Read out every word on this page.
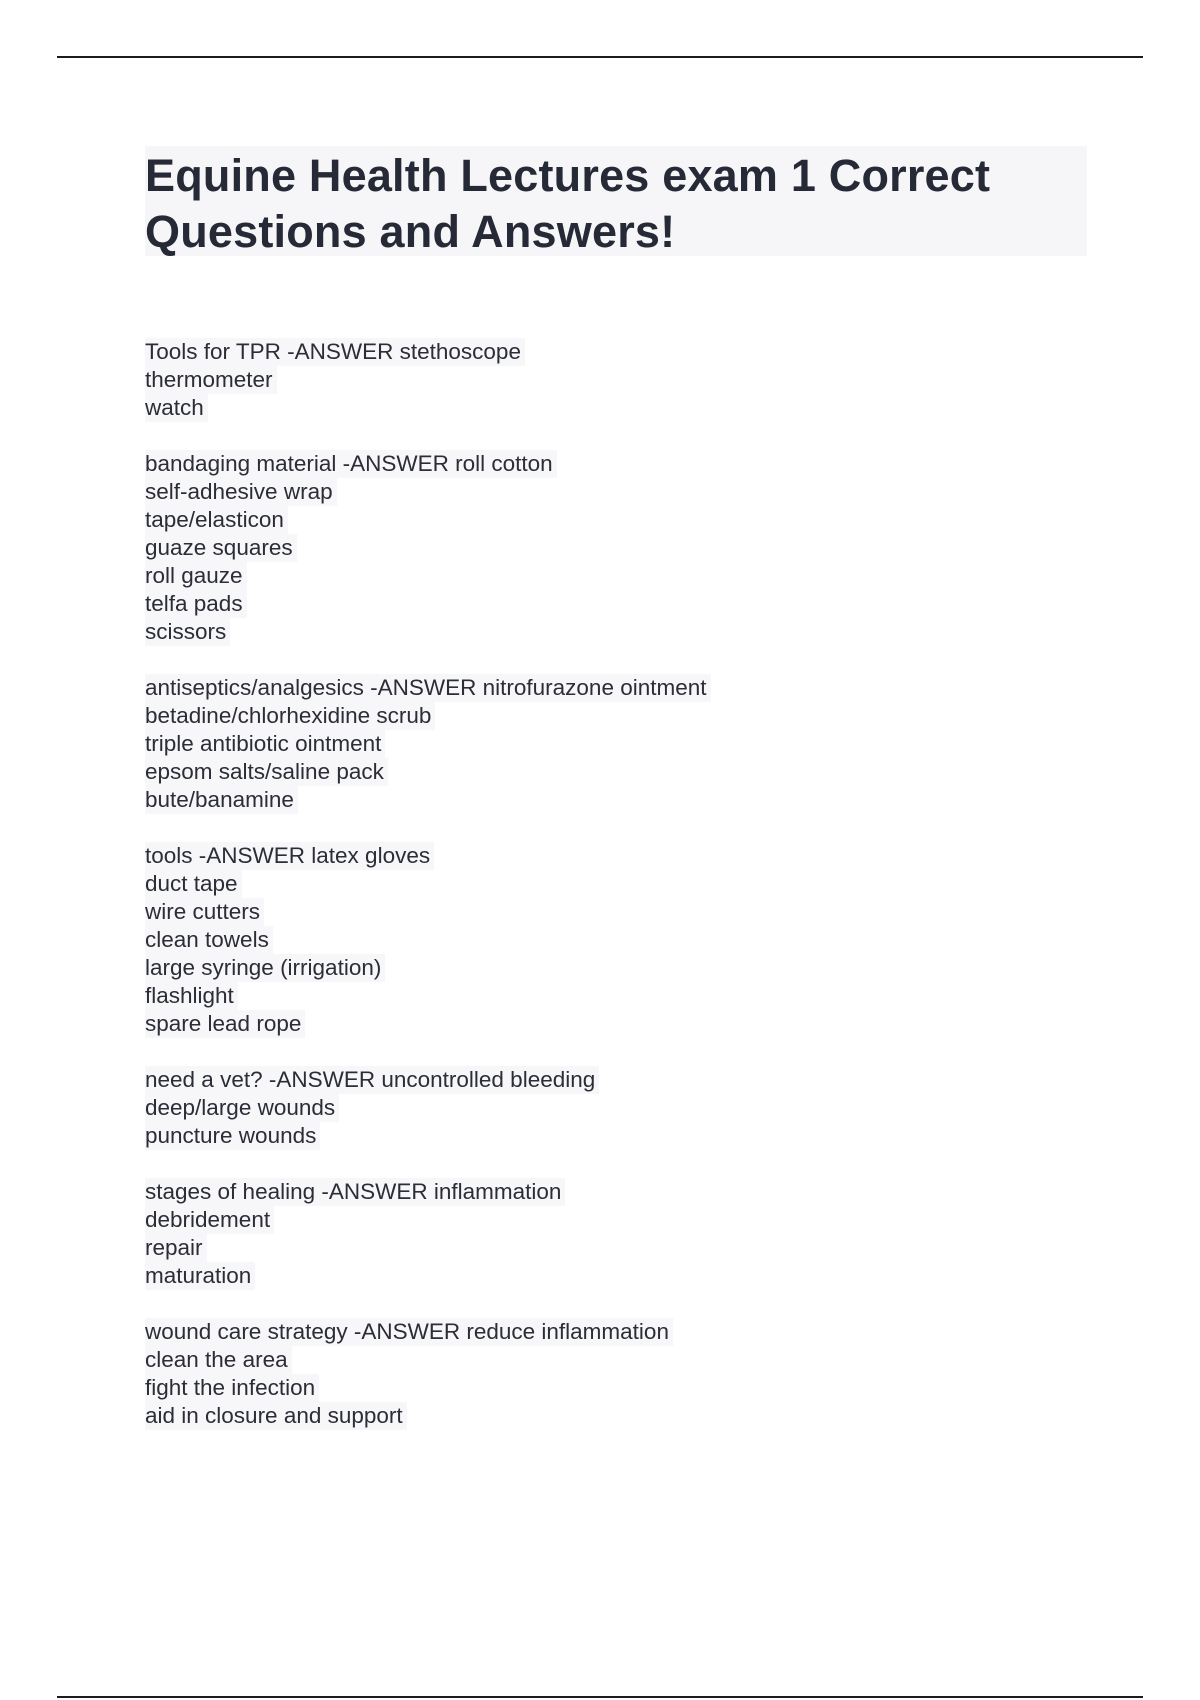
Equine Health Lectures exam 1 Correct Questions and Answers!
Tools for TPR -ANSWER stethoscope
thermometer
watch
bandaging material -ANSWER roll cotton
self-adhesive wrap
tape/elasticon
guaze squares
roll gauze
telfa pads
scissors
antiseptics/analgesics -ANSWER nitrofurazone ointment
betadine/chlorhexidine scrub
triple antibiotic ointment
epsom salts/saline pack
bute/banamine
tools -ANSWER latex gloves
duct tape
wire cutters
clean towels
large syringe (irrigation)
flashlight
spare lead rope
need a vet? -ANSWER uncontrolled bleeding
deep/large wounds
puncture wounds
stages of healing -ANSWER inflammation
debridement
repair
maturation
wound care strategy -ANSWER reduce inflammation
clean the area
fight the infection
aid in closure and support
